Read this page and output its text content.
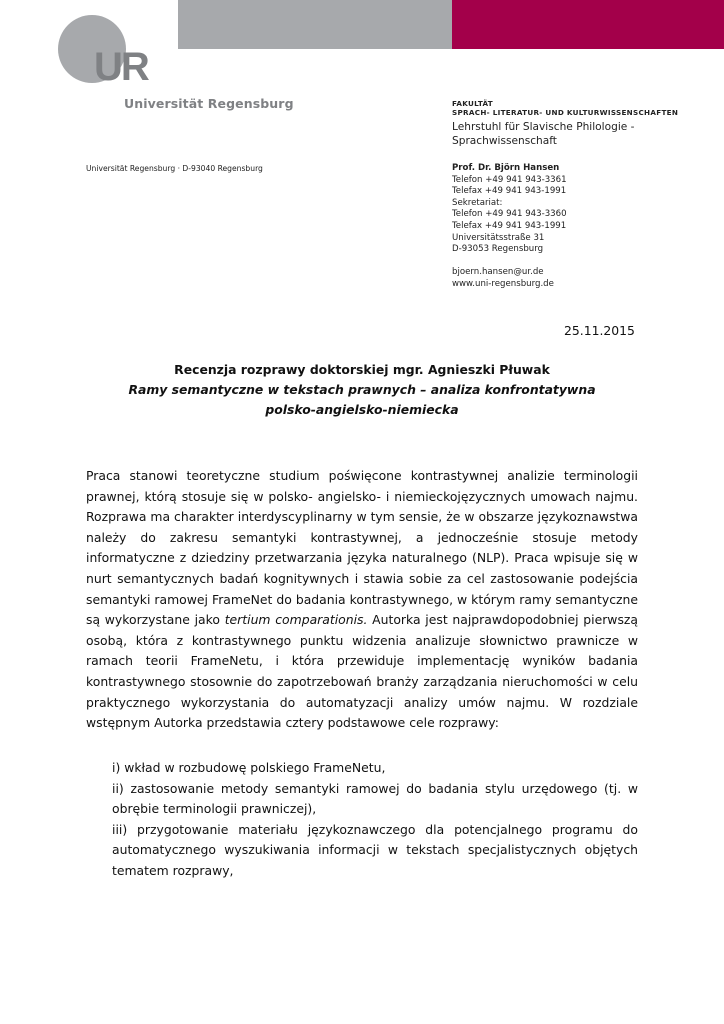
UR
Universität Regensburg
Universität Regensburg · D-93040 Regensburg
FAKULTÄT
SPRACH- LITERATUR- UND KULTURWISSENSCHAFTEN
Lehrstuhl für Slavische Philologie - Sprachwissenschaft
Prof. Dr. Björn Hansen
Telefon +49 941 943-3361
Telefax +49 941 943-1991
Sekretariat:
Telefon +49 941 943-3360
Telefax +49 941 943-1991
Universitätsstraße 31
D-93053 Regensburg
bjoern.hansen@ur.de
www.uni-regensburg.de
25.11.2015
Recenzja rozprawy doktorskiej mgr. Agnieszki Płuwak
Ramy semantyczne w tekstach prawnych – analiza konfrontatywna
polsko-angielsko-niemiecka
Praca stanowi teoretyczne studium poświęcone kontrastywnej analizie terminologii prawnej, którą stosuje się w polsko- angielsko- i niemieckojęzycznych umowach najmu. Rozprawa ma charakter interdyscyplinarny w tym sensie, że w obszarze językoznawstwa należy do zakresu semantyki kontrastywnej, a jednocześnie stosuje metody informatyczne z dziedziny przetwarzania języka naturalnego (NLP). Praca wpisuje się w nurt semantycznych badań kognitywnych i stawia sobie za cel zastosowanie podejścia semantyki ramowej FrameNet do badania kontrastywnego, w którym ramy semantyczne są wykorzystane jako tertium comparationis. Autorka jest najprawdopodobniej pierwszą osobą, która z kontrastywnego punktu widzenia analizuje słownictwo prawnicze w ramach teorii FrameNetu, i która przewiduje implementację wyników badania kontrastywnego stosownie do zapotrzebowań branży zarządzania nieruchomości w celu praktycznego wykorzystania do automatyzacji analizy umów najmu. W rozdziale wstępnym Autorka przedstawia cztery podstawowe cele rozprawy:

i) wkład w rozbudowę polskiego FrameNetu,

ii) zastosowanie metody semantyki ramowej do badania stylu urzędowego (tj. w obrębie terminologii prawniczej),

iii) przygotowanie materiału językoznawczego dla potencjalnego programu do automatycznego wyszukiwania informacji w tekstach specjalistycznych objętych tematem rozprawy,
